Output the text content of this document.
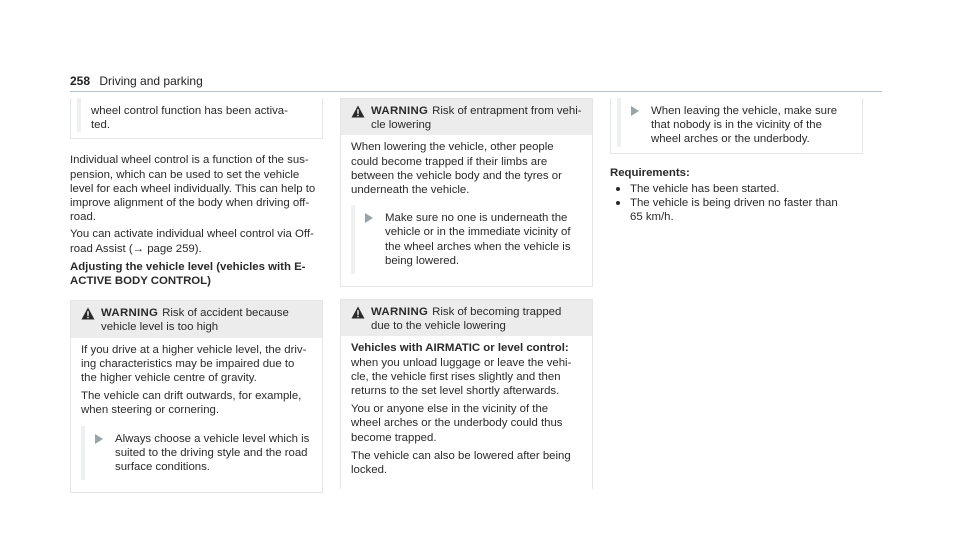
258 Driving and parking
wheel control function has been activa‐
ted.
Individual wheel control is a function of the sus‐
pension, which can be used to set the vehicle
level for each wheel individually. This can help to
improve alignment of the body when driving off-
road.
You can activate individual wheel control via Off-
road Assist (→ page 259).
Adjusting the vehicle level (vehicles with E-
ACTIVE BODY CONTROL)
WARNING Risk of accident because
vehicle level is too high
If you drive at a higher vehicle level, the driv‐
ing characteristics may be impaired due to
the higher vehicle centre of gravity.
The vehicle can drift outwards, for example,
when steering or cornering.
Always choose a vehicle level which is
suited to the driving style and the road
surface conditions.
WARNING Risk of entrapment from vehi‐
cle lowering
When lowering the vehicle, other people
could become trapped if their limbs are
between the vehicle body and the tyres or
underneath the vehicle.
Make sure no one is underneath the
vehicle or in the immediate vicinity of
the wheel arches when the vehicle is
being lowered.
WARNING Risk of becoming trapped
due to the vehicle lowering
Vehicles with AIRMATIC or level control:
when you unload luggage or leave the vehi‐
cle, the vehicle first rises slightly and then
returns to the set level shortly afterwards.
You or anyone else in the vicinity of the
wheel arches or the underbody could thus
become trapped.
The vehicle can also be lowered after being
locked.
When leaving the vehicle, make sure
that nobody is in the vicinity of the
wheel arches or the underbody.
Requirements:
The vehicle has been started.
The vehicle is being driven no faster than
65 km/h.
